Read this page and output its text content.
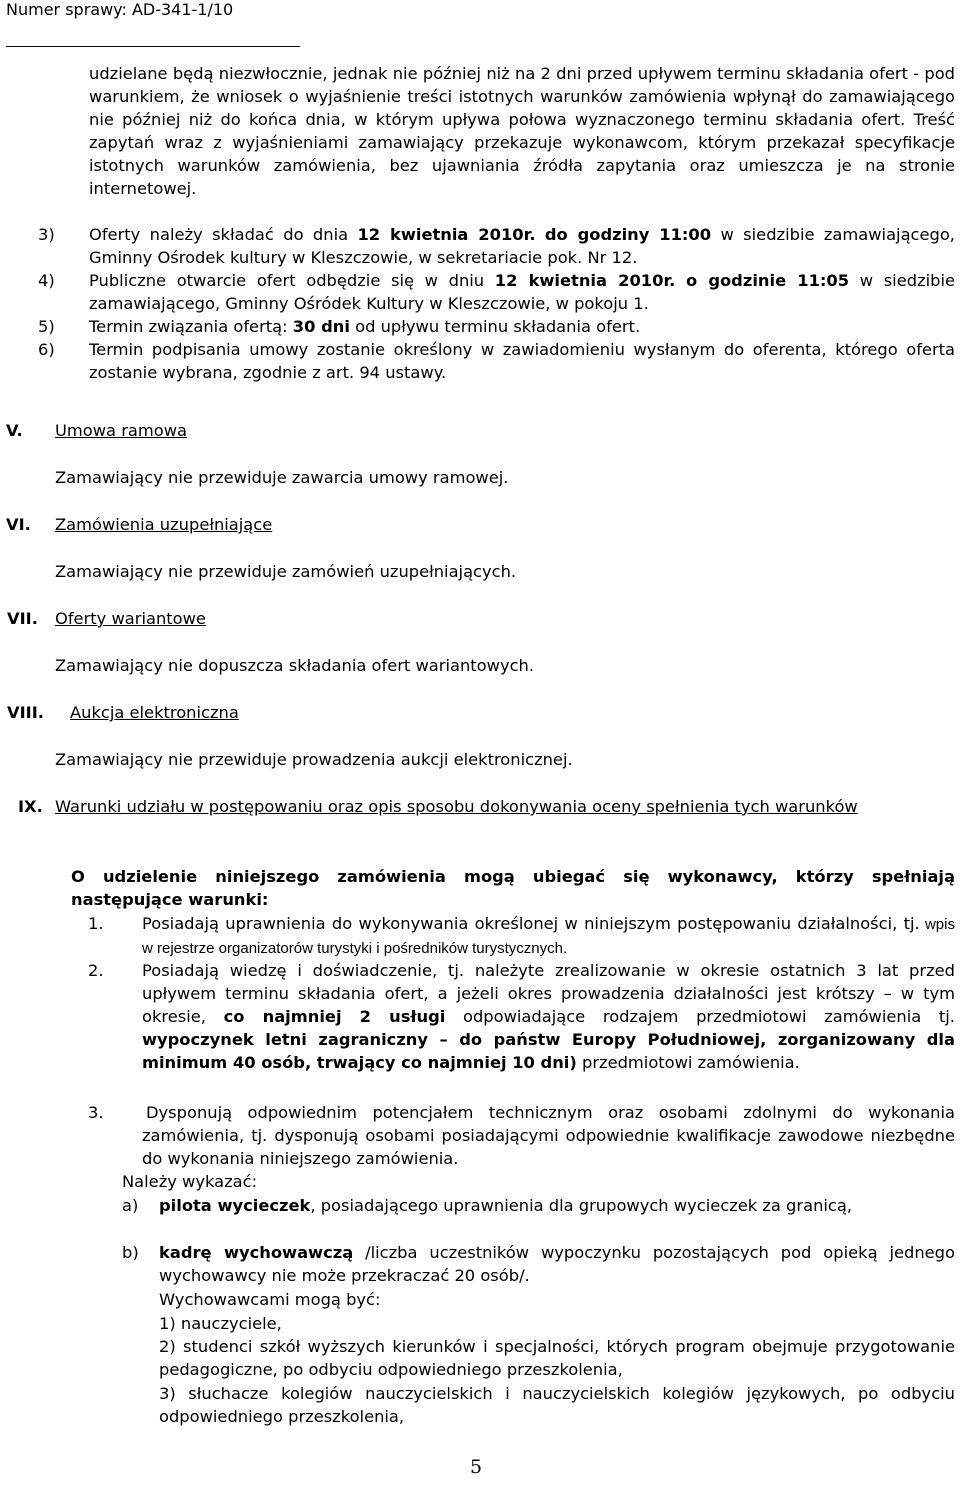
Numer sprawy: AD-341-1/10
udzielane będą niezwłocznie, jednak nie później niż na 2 dni przed upływem terminu składania ofert - pod warunkiem, że wniosek o wyjaśnienie treści istotnych warunków zamówienia wpłynął do zamawiającego nie później niż do końca dnia, w którym upływa połowa wyznaczonego terminu składania ofert. Treść zapytań wraz z wyjaśnieniami zamawiający przekazuje wykonawcom, którym przekazał specyfikacje istotnych warunków zamówienia, bez ujawniania źródła zapytania oraz umieszcza je na stronie internetowej.
3) Oferty należy składać do dnia 12 kwietnia 2010r. do godziny 11:00 w siedzibie zamawiającego, Gminny Ośrodek kultury w Kleszczowie, w sekretariacie pok. Nr 12.
4) Publiczne otwarcie ofert odbędzie się w dniu 12 kwietnia 2010r. o godzinie 11:05 w siedzibie zamawiającego, Gminny Ośródek Kultury w Kleszczowie, w pokoju 1.
5) Termin związania ofertą: 30 dni od upływu terminu składania ofert.
6) Termin podpisania umowy zostanie określony w zawiadomieniu wysłanym do oferenta, którego oferta zostanie wybrana, zgodnie z art. 94 ustawy.
V. Umowa ramowa
Zamawiający nie przewiduje zawarcia umowy ramowej.
VI. Zamówienia uzupełniające
Zamawiający nie przewiduje zamówień uzupełniających.
VII. Oferty wariantowe
Zamawiający nie dopuszcza składania ofert wariantowych.
VIII. Aukcja elektroniczna
Zamawiający nie przewiduje prowadzenia aukcji elektronicznej.
IX. Warunki udziału w postępowaniu oraz opis sposobu dokonywania oceny spełnienia tych warunków
O udzielenie niniejszego zamówienia mogą ubiegać się wykonawcy, którzy spełniają następujące warunki:
1. Posiadają uprawnienia do wykonywania określonej w niniejszym postępowaniu działalności, tj. wpis w rejestrze organizatorów turystyki i pośredników turystycznych.
2. Posiadają wiedzę i doświadczenie, tj. należyte zrealizowanie w okresie ostatnich 3 lat przed upływem terminu składania ofert, a jeżeli okres prowadzenia działalności jest krótszy – w tym okresie, co najmniej 2 usługi odpowiadające rodzajem przedmiotowi zamówienia tj. wypoczynek letni zagraniczny – do państw Europy Południowej, zorganizowany dla minimum 40 osób, trwający co najmniej 10 dni) przedmiotowi zamówienia.
3.	Dysponują odpowiednim potencjałem technicznym oraz osobami zdolnymi do wykonania zamówienia, tj. dysponują osobami posiadającymi odpowiednie kwalifikacje zawodowe niezbędne do wykonania niniejszego zamówienia.
Należy wykazać:
a) pilota wycieczek, posiadającego uprawnienia dla grupowych wycieczek za granicą,
b) kadrę wychowawczą /liczba uczestników wypoczynku pozostających pod opieką jednego wychowawcy nie może przekraczać 20 osób/.
Wychowawcami mogą być:
1) nauczyciele,
2) studenci szkół wyższych kierunków i specjalności, których program obejmuje przygotowanie pedagogiczne, po odbyciu odpowiedniego przeszkolenia,
3) słuchacze kolegiów nauczycielskich i nauczycielskich kolegiów językowych, po odbyciu odpowiedniego przeszkolenia,
5
